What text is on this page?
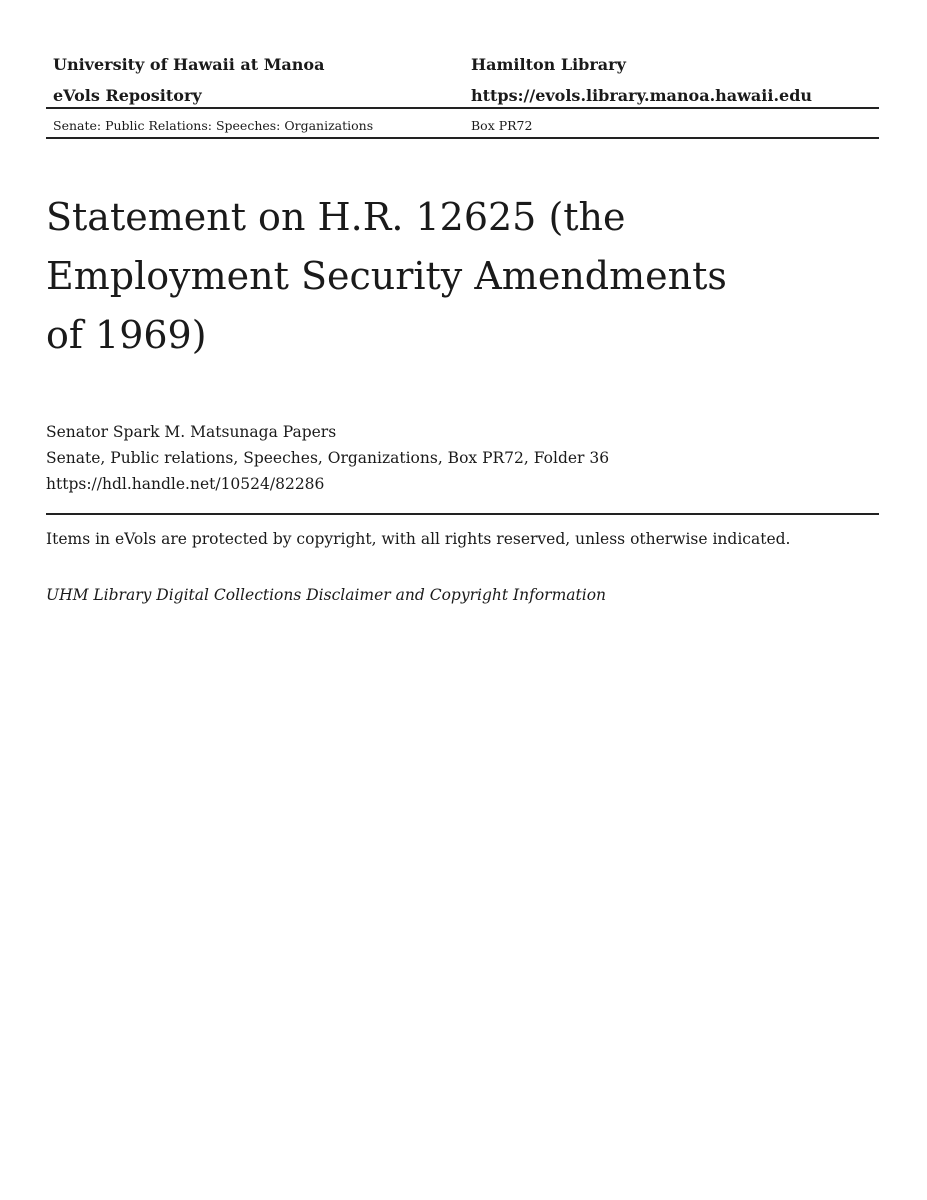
University of Hawaii at Manoa	Hamilton Library
eVols Repository	https://evols.library.manoa.hawaii.edu
Senate: Public Relations: Speeches: Organizations	Box PR72
Statement on H.R. 12625 (the
Employment Security Amendments
of 1969)
Senator Spark M. Matsunaga Papers
Senate, Public relations, Speeches, Organizations, Box PR72, Folder 36
https://hdl.handle.net/10524/82286
Items in eVols are protected by copyright, with all rights reserved, unless otherwise indicated.
UHM Library Digital Collections Disclaimer and Copyright Information
